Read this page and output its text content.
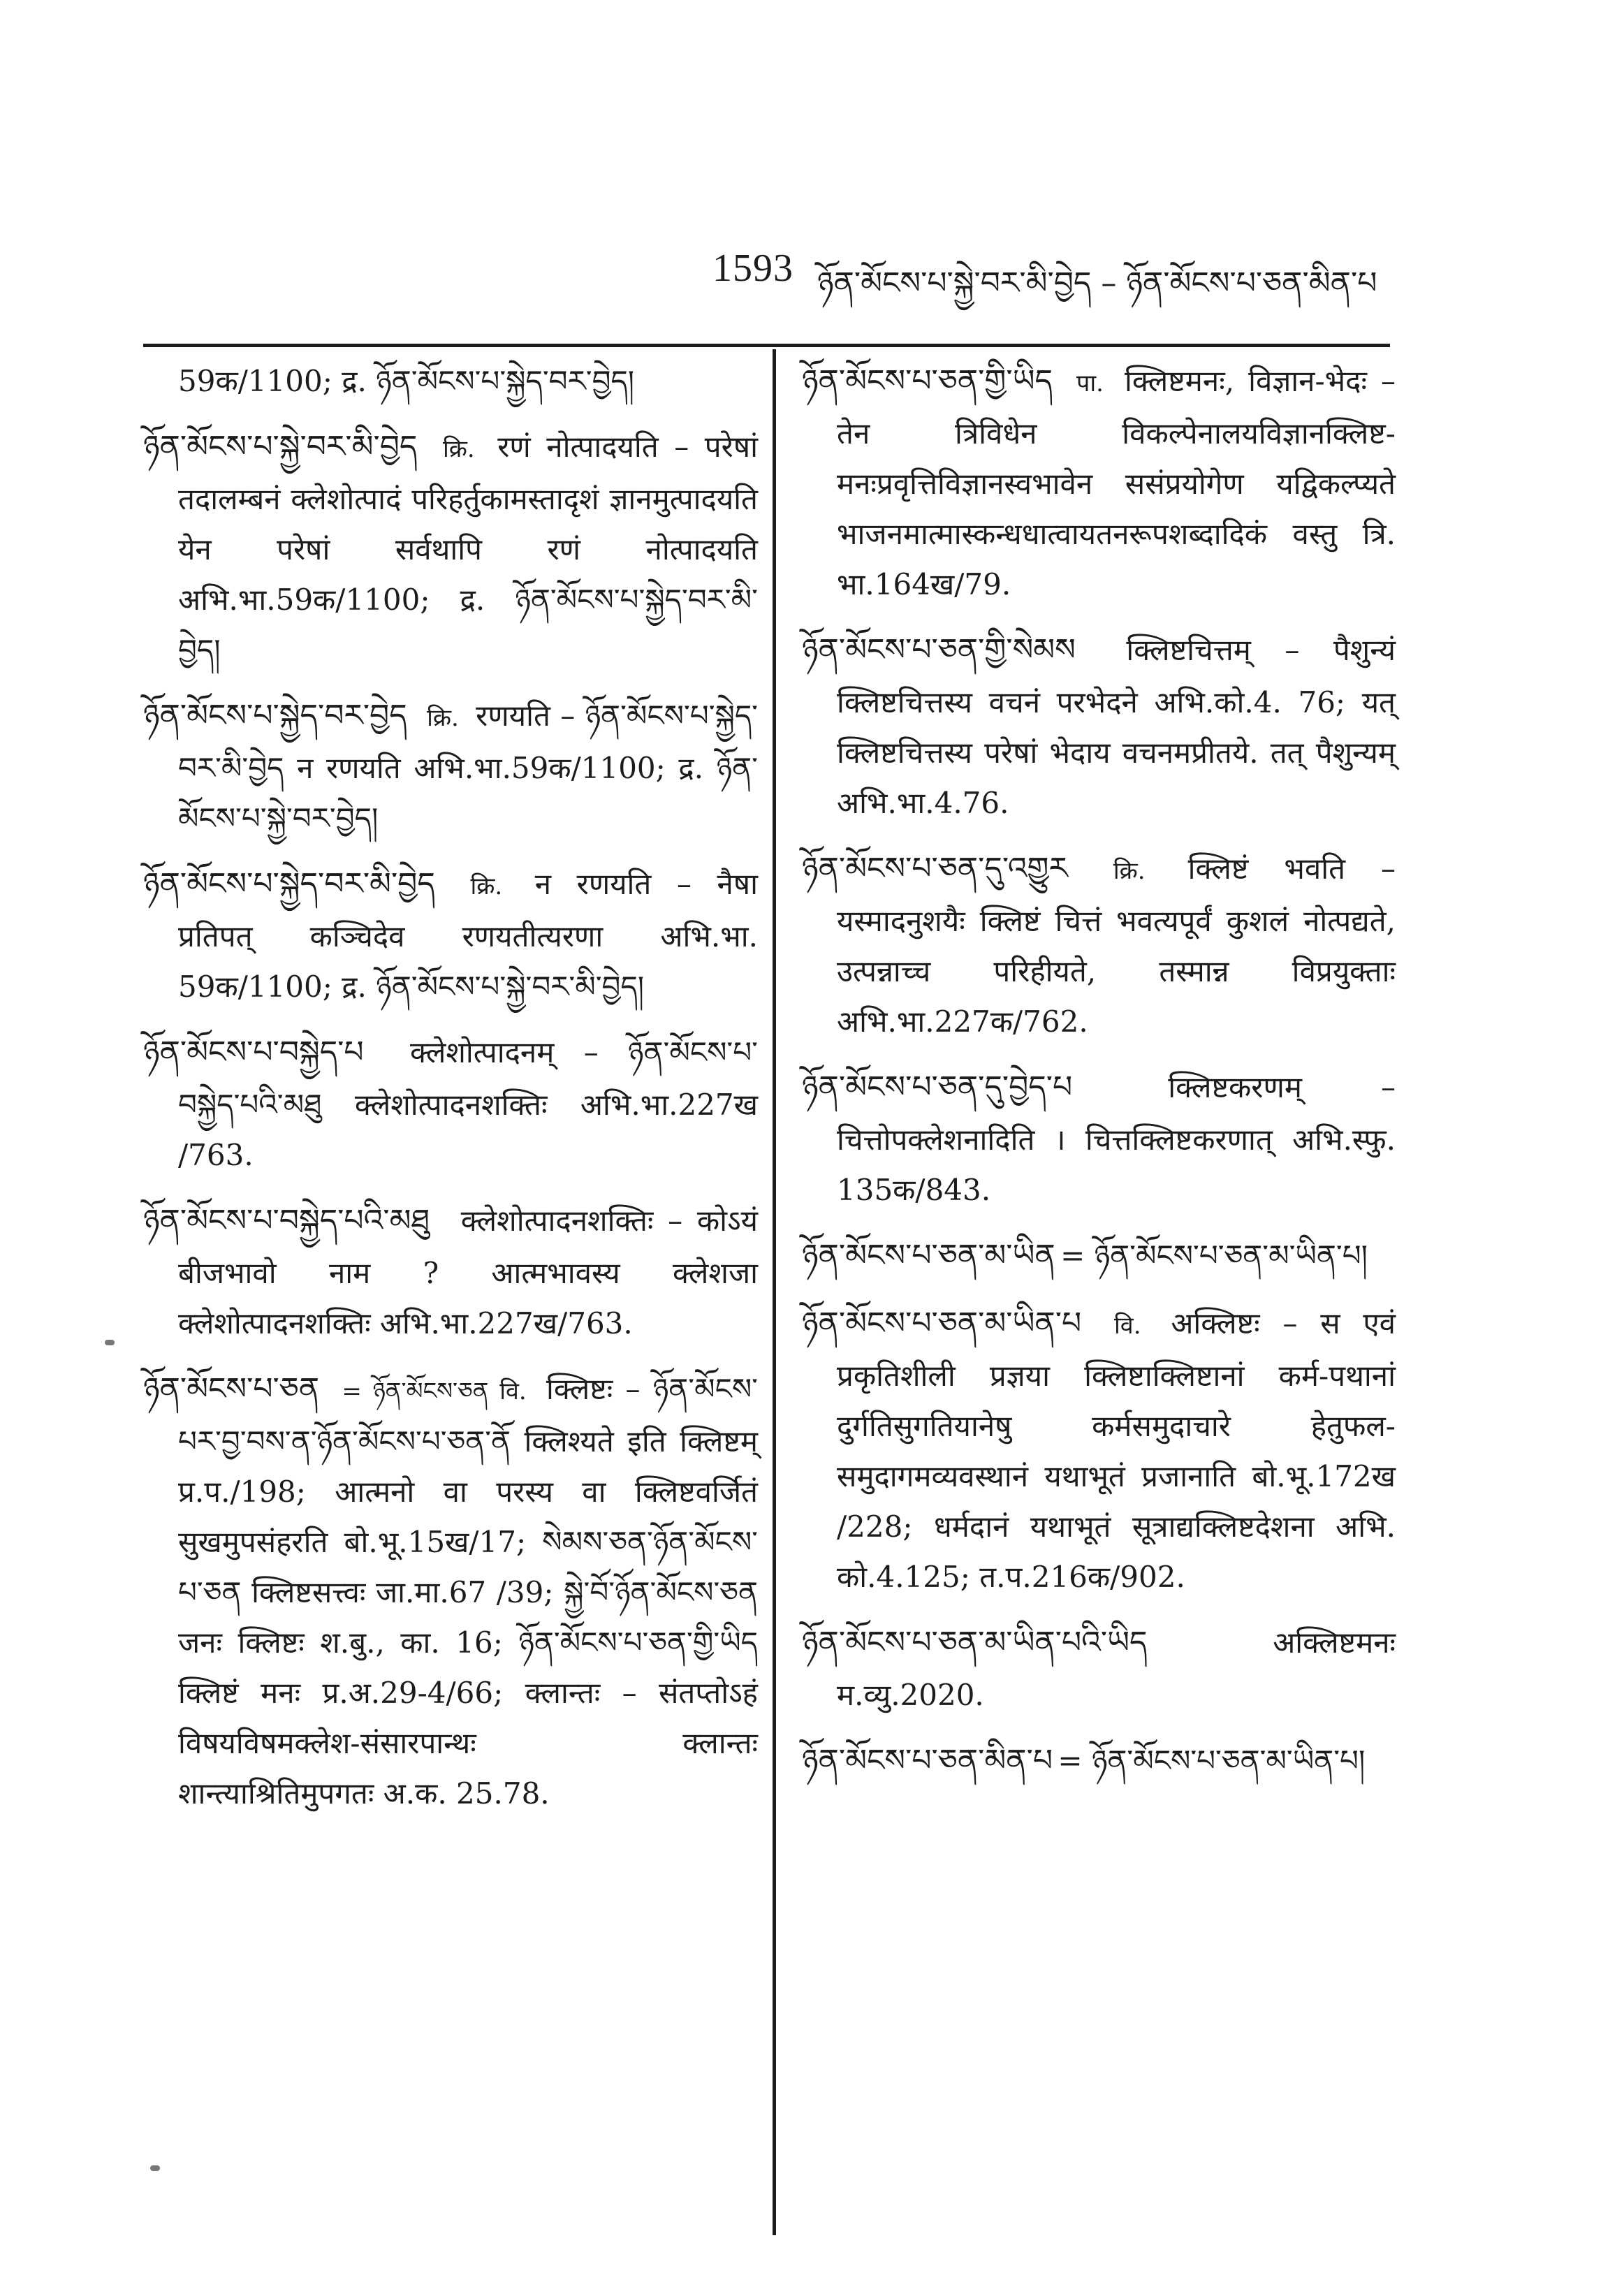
1593 ཉོན་མོངས་པ་སྐྱེ་བར་མི་བྱེད – ཉོན་མོངས་པ་ཅན་མིན་པ

59क/1100; द्र. ཉོན་མོངས་པ་སྐྱེད་བར་བྱེད།

ཉོན་མོངས་པ་སྐྱེ་བར་མི་བྱེད क्रि. रणं नोत्पादयति – परेषां तदालम्बनं क्लेशोत्पादं परिहर्तुकामस्तादृशं ज्ञानमुत्पादयति येन परेषां सर्वथापि रणं नोत्पादयति अभि.भा.59क/1100; द्र. ཉོན་མོངས་པ་སྐྱེད་བར་མི་བྱེད།

ཉོན་མོངས་པ་སྐྱེད་བར་བྱེད क्रि. रणयति – ཉོན་མོངས་པ་སྐྱེད་བར་མི་བྱེད न रणयति अभि.भा.59क/1100; द्र. ཉོན་མོངས་པ་སྐྱེ་བར་བྱེད།

ཉོན་མོངས་པ་སྐྱེད་བར་མི་བྱེད क्रि. न रणयति – नैषा प्रतिपत् कञ्चिदेव रणयतीत्यरणा अभि.भा. 59क/1100; द्र. ཉོན་མོངས་པ་སྐྱེ་བར་མི་བྱེད།

ཉོན་མོངས་པ་བསྐྱེད་པ क्लेशोत्पादनम् – ཉོན་མོངས་པ་བསྐྱེད་པའི་མཐུ क्लेशोत्पादनशक्तिः अभि.भा.227ख /763.

ཉོན་མོངས་པ་བསྐྱེད་པའི་མཐུ क्लेशोत्पादनशक्तिः – कोऽयं बीजभावो नाम ? आत्मभावस्य क्लेशजा क्लेशोत्पादनशक्तिः अभि.भा.227ख/763.

ཉོན་མོངས་པ་ཅན = ཉོན་མོངས་ཅན वि. क्लिष्टः – ཉོན་མོངས་པར་བྱ་བས་ན་ཉོན་མོངས་པ་ཅན་ནོ क्लिश्यते इति क्लिष्टम् प्र.प./198; आत्मनो वा परस्य वा क्लिष्टवर्जितं सुखमुपसंहरति बो.भू.15ख/17; སེམས་ཅན་ཉོན་མོངས་པ་ཅན क्लिष्टसत्त्वः जा.मा.67 /39; སྐྱེ་བོ་ཉོན་མོངས་ཅན जनः क्लिष्टः श.बु., का. 16; ཉོན་མོངས་པ་ཅན་གྱི་ཡིད क्लिष्टं मनः प्र.अ.29-4/66; क्लान्तः – संतप्तोऽहं विषयविषमक्लेश-संसारपान्थः क्लान्तः शान्त्याश्रितिमुपगतः अ.क. 25.78.

ཉོན་མོངས་པ་ཅན་གྱི་ཡིད पा. क्लिष्टमनः, विज्ञान-भेदः – तेन त्रिविधेन विकल्पेनालयविज्ञानक्लिष्ट-मनःप्रवृत्तिविज्ञानस्वभावेन ससंप्रयोगेण यद्विकल्प्यते भाजनमात्मास्कन्धधात्वायतनरूपशब्दादिकं वस्तु त्रि. भा.164ख/79.

ཉོན་མོངས་པ་ཅན་གྱི་སེམས क्लिष्टचित्तम् – पैशुन्यं क्लिष्टचित्तस्य वचनं परभेदने अभि.को.4. 76; यत् क्लिष्टचित्तस्य परेषां भेदाय वचनमप्रीतये. तत् पैशुन्यम् अभि.भा.4.76.

ཉོན་མོངས་པ་ཅན་དུ་འགྱུར क्रि. क्लिष्टं भवति – यस्मादनुशयैः क्लिष्टं चित्तं भवत्यपूर्वं कुशलं नोत्पद्यते, उत्पन्नाच्च परिहीयते, तस्मान्न विप्रयुक्ताः अभि.भा.227क/762.

ཉོན་མོངས་པ་ཅན་དུ་བྱེད་པ	क्लिष्टकरणम्	– चित्तोपक्लेशनादिति । चित्तक्लिष्टकरणात् अभि.स्फु. 135क/843.

ཉོན་མོངས་པ་ཅན་མ་ཡིན = ཉོན་མོངས་པ་ཅན་མ་ཡིན་པ།

ཉོན་མོངས་པ་ཅན་མ་ཡིན་པ वि. अक्लिष्टः – स एवं प्रकृतिशीली प्रज्ञया क्लिष्टाक्लिष्टानां कर्म-पथानां दुर्गतिसुगतियानेषु कर्मसमुदाचारे हेतुफल-समुदागमव्यवस्थानं यथाभूतं प्रजानाति बो.भू.172ख /228; धर्मदानं यथाभूतं सूत्राद्यक्लिष्टदेशना अभि. को.4.125; त.प.216क/902.

ཉོན་མོངས་པ་ཅན་མ་ཡིན་པའི་ཡིད	अक्लिष्टमनः म.व्यु.2020.

ཉོན་མོངས་པ་ཅན་མིན་པ = ཉོན་མོངས་པ་ཅན་མ་ཡིན་པ།
